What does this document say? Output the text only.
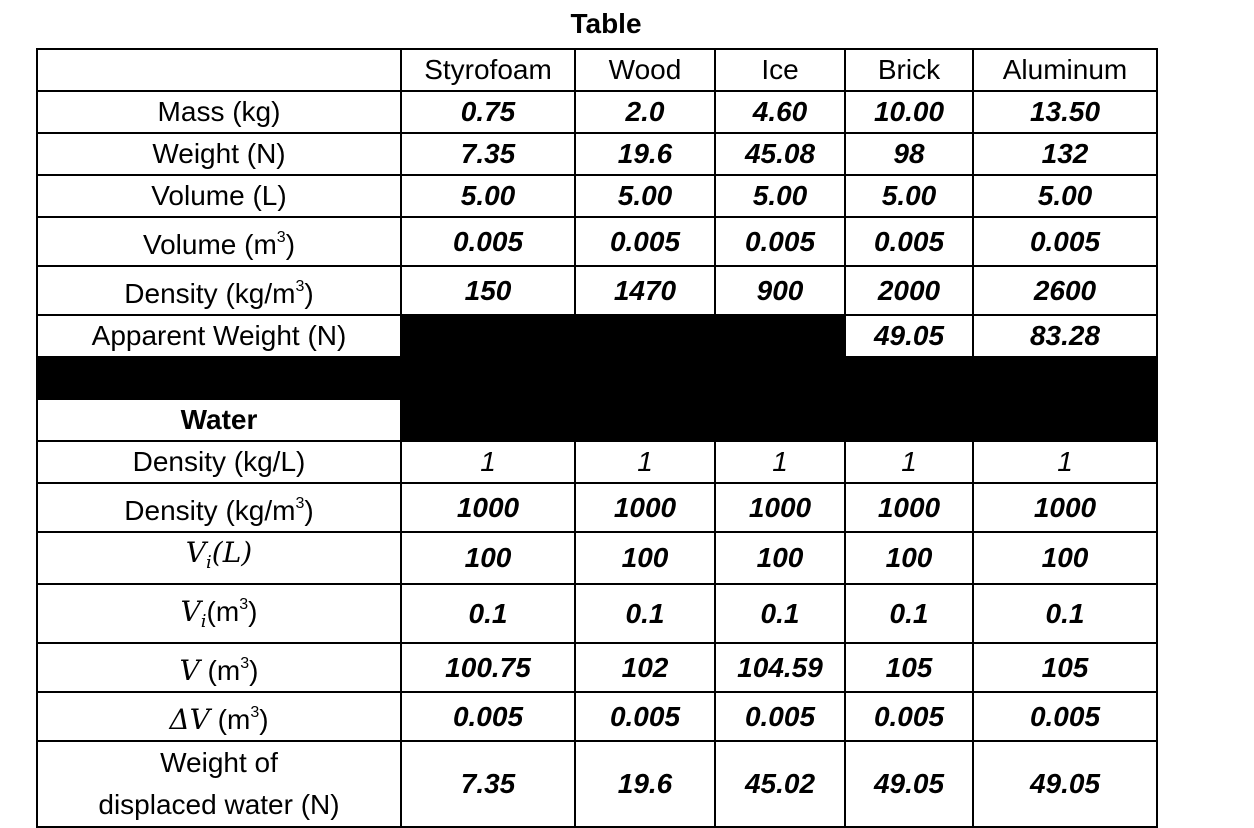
Table
	Styrofoam	Wood	Ice	Brick	Aluminum
Mass (kg)	0.75	2.0	4.60	10.00	13.50
Weight (N)	7.35	19.6	45.08	98	132
Volume (L)	5.00	5.00	5.00	5.00	5.00
Volume $(m^3)$	0.005	0.005	0.005	0.005	0.005
Density $(kg/m^3)$	150	1470	900	2000	2600
Apparent Weight (N)				49.05	83.28

Water					
Density (kg/L)	1	1	1	1	1
Density $(kg/m^3)$	1000	1000	1000	1000	1000
$V_i(L)$	100	100	100	100	100
$V_i(m^3)$	0.1	0.1	0.1	0.1	0.1
V $(m^3)$	100.75	102	104.59	105	105
ΔV $(m^3)$	0.005	0.005	0.005	0.005	0.005
Weight of
displaced water (N)	7.35	19.6	45.02	49.05	49.05
